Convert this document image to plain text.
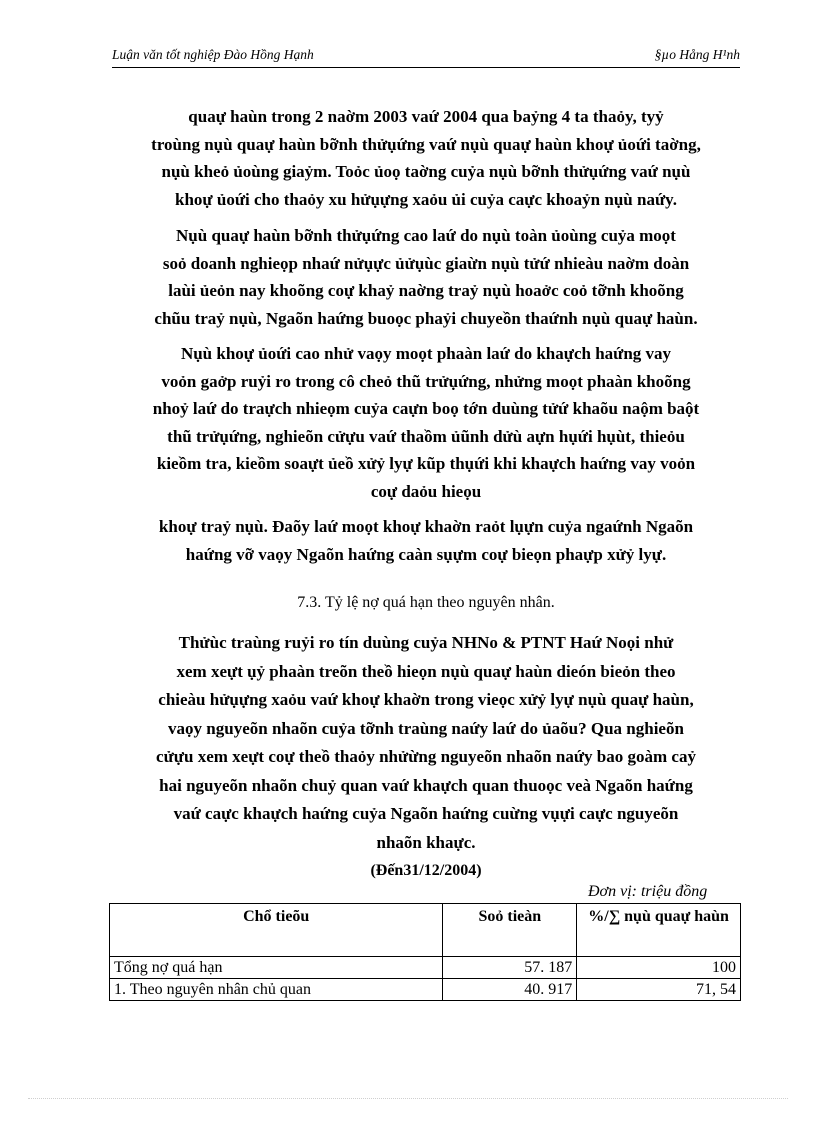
Luận văn tốt nghiệp Đào Hồng Hạnh	§µo Hång H¹nh

quaự haùn trong 2 naờm 2003 vaứ 2004 qua baỷng 4 ta thaỏy, tyỷ
troùng nụù quaự haùn bỡnh thửụứng vaứ nụù quaự haùn khoự ủoứi taờng,
nụù kheỏ ủoùng giaỷm. Toỏc ủoọ taờng cuỷa nụù bỡnh thửụứng vaứ nụù
khoự ủoứi cho thaỏy xu hửụựng xaỏu ủi cuỷa caực khoaỷn nụù naứy.

Nụù quaự haùn bỡnh thửụứng cao laứ do nụù toàn ủoùng cuỷa moọt
soỏ doanh nghieọp nhaứ nửụực ủửụùc giaừn nụù tửứ nhieàu naờm doàn
laùi ủeỏn nay khoõng coự khaỷ naờng traỷ nụù hoaởc coỏ tỡnh khoõng
chũu traỷ nụù, Ngaõn haứng buoọc phaỷi chuyeồn thaứnh nụù quaự haùn.

Nụù khoự ủoứi cao nhử vaọy moọt phaàn laứ do khaựch haứng vay
voỏn gaởp ruỷi ro trong cô cheỏ thũ trửụứng, nhửng moọt phaàn khoõng
nhoỷ laứ do traựch nhieọm cuỷa caựn boọ tớn duùng tửứ khaõu naộm baột
thũ trửụứng, nghieõn cửựu vaứ thaồm ủũnh dửù aựn hụứi hụùt, thieỏu
kieồm tra, kieồm soaựt ủeồ xửỷ lyự kũp thụứi khi khaựch haứng vay voỏn
coự daỏu hieọu

khoự traỷ nụù. Đaõy laứ moọt khoự khaờn raỏt lụựn cuỷa ngaứnh Ngaõn
haứng vỡ vaọy Ngaõn haứng caàn sụựm coự bieọn phaựp xửỷ lyự.

7.3. Tỷ lệ nợ quá hạn theo nguyên nhân.

Thửùc traùng ruỷi ro tín duùng cuỷa NHNo & PTNT Haứ Noọi nhử
xem xeựt ụỷ phaàn treõn theồ hieọn nụù quaự haùn dieón bieỏn theo
chieàu hửụựng xaỏu vaứ khoự khaờn trong vieọc xửỷ lyự nụù quaự haùn,
vaọy nguyeõn nhaõn cuỷa tỡnh traùng naứy laứ do ủaõu? Qua nghieõn
cửựu xem xeựt coự theồ thaỏy nhửừng nguyeõn nhaõn naứy bao goàm caỷ
hai nguyeõn nhaõn chuỷ quan vaứ khaựch quan thuoọc veà Ngaõn haứng
vaứ caực khaựch haứng cuỷa Ngaõn haứng cuừng vụựi caực nguyeõn
nhaõn khaực.

(Đến31/12/2004)

Đơn vị: triệu đồng

Chổ tieõu	Soỏ tieàn	%/∑ nụù quaự haùn
Tổng nợ quá hạn	57. 187	100
1. Theo nguyên nhân chủ quan	40. 917	71, 54
